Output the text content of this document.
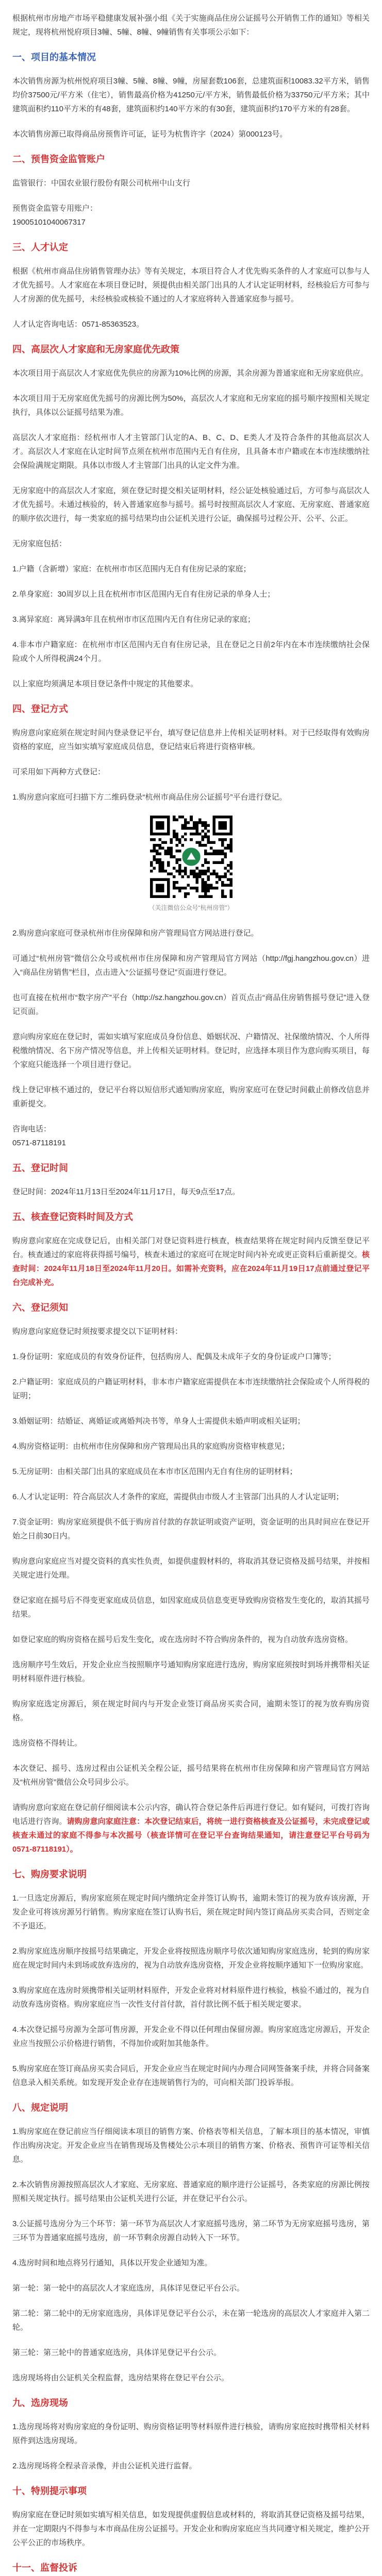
根据杭州市房地产市场平稳健康发展补强小组《关于实施商品住房公证摇号公开销售工作的通知》等相关规定，现将杭州悦府项目3幢、5幢、8幢、9幢销售有关事项公示如下：

一、项目的基本情况

本次销售房源为杭州悦府项目3幢、5幢、8幢、9幢，房屋套数106套，总建筑面积10083.32平方米，销售均价37500元/平方米（住宅），销售最高价格为41250元/平方米，销售最低价格为33750元/平方米；其中建筑面积约110平方米的有48套，建筑面积约140平方米的有30套，建筑面积约170平方米的有28套。

本次销售房源已取得商品房预售许可证，证号为杭售许字（2024）第000123号。

二、预售资金监管账户

监管银行：中国农业银行股份有限公司杭州中山支行

预售资金监管专用账户：
19005101040067317

三、人才认定

根据《杭州市商品住房销售管理办法》等有关规定，本项目符合人才优先购买条件的人才家庭可以参与人才优先摇号。人才家庭在本项目登记时，须提供由相关部门出具的人才认定证明材料，经核验后方可参与人才房源的优先摇号，未经核验或核验不通过的人才家庭将转入普通家庭参与摇号。

人才认定咨询电话：0571-85363523。

四、高层次人才家庭和无房家庭优先政策

本次项目用于高层次人才家庭优先供应的房源为10%比例的房源，其余房源为普通家庭和无房家庭供应。

本次项目用于无房家庭优先摇号的房源比例为50%，高层次人才家庭和无房家庭的摇号顺序按照相关规定执行，具体以公证摇号结果为准。

高层次人才家庭指：经杭州市人才主管部门认定的A、B、C、D、E类人才及符合条件的其他高层次人才。高层次人才家庭在认定时间节点须在杭州市范围内无自有住房，且具备本市户籍或在本市连续缴纳社会保险满规定期限。具体以市级人才主管部门出具的认定文件为准。

无房家庭中的高层次人才家庭，须在登记时提交相关证明材料，经公证处核验通过后，方可参与高层次人才优先摇号。未通过核验的，转入普通家庭参与摇号。摇号时按照高层次人才家庭、无房家庭、普通家庭的顺序依次进行，每一类家庭的摇号结果均由公证机关进行公证，确保摇号过程公开、公平、公正。

无房家庭包括：

1.户籍（含新增）家庭：在杭州市市区范围内无自有住房记录的家庭；

2.单身家庭：30周岁以上且在杭州市市区范围内无自有住房记录的单身人士；

3.离异家庭：离异满3年且在杭州市市区范围内无自有住房记录的家庭；

4.非本市户籍家庭：在杭州市市区范围内无自有住房记录，且在登记之日前2年内在本市连续缴纳社会保险或个人所得税满24个月。

以上家庭均须满足本项目登记条件中规定的其他要求。

四、登记方式

购房意向家庭须在规定时间内登录登记平台，填写登记信息并上传相关证明材料。对于已经取得有效购房资格的家庭，应当如实填写家庭成员信息，登记结束后将进行资格审核。

可采用如下两种方式登记：

1.购房意向家庭可扫描下方二维码登录“杭州市商品住房公证摇号”平台进行登记。

（关注微信公众号“杭州房管”）

2.购房意向家庭可登录杭州市住房保障和房产管理局官方网站进行登记。

可通过“杭州房管”微信公众号或杭州市住房保障和房产管理局官方网站（http://fgj.hangzhou.gov.cn）进入“商品住房销售”栏目，点击进入“公证摇号登记”页面进行登记。

也可直接在杭州市“数字房产”平台（http://sz.hangzhou.gov.cn）首页点击“商品住房销售摇号登记”进入登记页面。

意向购房家庭在登记时，需如实填写家庭成员身份信息、婚姻状况、户籍情况、社保缴纳情况、个人所得税缴纳情况、名下房产情况等信息，并上传相关证明材料。登记时，应选择本项目作为意向购买项目，每个家庭只能选择一个项目进行登记。

线上登记审核不通过的，登记平台将以短信形式通知购房家庭，购房家庭可在登记时间截止前修改信息并重新提交。

咨询电话：
0571-87118191

五、登记时间

登记时间：2024年11月13日至2024年11月17日，每天9点至17点。

五、核查登记资料时间及方式

购房意向家庭在完成登记后，由相关部门对登记资料进行核查，核查结果将在规定时间内反馈至登记平台。核查通过的家庭将获得摇号编号，核查未通过的家庭可在规定时间内补充或更正资料后重新提交。核查时间：2024年11月18日至2024年11月20日。如需补充资料，应在2024年11月19日17点前通过登记平台完成补充。

六、登记须知

购房意向家庭登记时须按要求提交以下证明材料：

1.身份证明：家庭成员的有效身份证件，包括购房人、配偶及未成年子女的身份证或户口簿等；

2.户籍证明：家庭成员的户籍证明材料，非本市户籍家庭需提供在本市连续缴纳社会保险或个人所得税的证明；

3.婚姻证明：结婚证、离婚证或离婚判决书等，单身人士需提供未婚声明或相关证明；

4.购房资格证明：由杭州市住房保障和房产管理局出具的家庭购房资格审核意见；

5.无房证明：由相关部门出具的家庭成员在本市市区范围内无自有住房的证明材料；

6.人才认定证明：符合高层次人才条件的家庭，需提供由市级人才主管部门出具的人才认定证明；

7.资金证明：购房家庭须提供不低于购房首付款的存款证明或资产证明，资金证明的出具时间应在登记开始之日前30日内。

购房意向家庭应当对提交资料的真实性负责，如提供虚假材料的，将取消其登记资格及摇号结果，并按相关规定进行处理。

登记家庭在摇号后不得变更家庭成员信息，如因家庭成员信息变更导致购房资格发生变化的，取消其摇号结果。

如登记家庭的购房资格在摇号后发生变化，或在选房时不符合购房条件的，视为自动放弃选房资格。

选房顺序号生效后，开发企业应当按照顺序号通知购房家庭进行选房，购房家庭须按时到场并携带相关证明材料原件进行核验。

购房家庭选定房源后，须在规定时间内与开发企业签订商品房买卖合同，逾期未签订的视为放弃购房资格。

选房资格不得转让。

本次登记、摇号、选房过程由公证机关全程公证，摇号结果将在杭州市住房保障和房产管理局官方网站及“杭州房管”微信公众号同步公示。

请购房意向家庭在登记前仔细阅读本公示内容，确认符合登记条件后再进行登记。如有疑问，可拨打咨询电话进行咨询。请购房意向家庭注意：本次登记结束后，将统一进行资格核查及公证摇号，未完成登记或核查未通过的家庭不得参与本次摇号（核查详情可在登记平台查询结果通知，请注意登记平台号码为0571-87118191）。

七、购房要求说明

1.一旦选定房源后，购房家庭须在规定时间内缴纳定金并签订认购书，逾期未签订的视为放弃该房源，开发企业可将该房源另行销售。购房家庭在签订认购书后，须在规定时间内签订商品房买卖合同，否则定金不予退还。

2.购房家庭选房顺序按摇号结果确定，开发企业将按照选房顺序号依次通知购房家庭选房，轮到的购房家庭在规定时间内未到场或放弃选房的，视为自动放弃选房资格，开发企业将按顺序通知下一位购房家庭。

3.购房家庭在选房时须携带相关证明材料原件，开发企业将对材料原件进行核验，核验不通过的，视为自动放弃选房资格。购房家庭应当一次性支付首付款，首付款比例不低于相关规定要求。

4.本次登记摇号房源为全部可售房源，开发企业不得以任何理由保留房源。购房家庭选定房源后，开发企业应当按照公示价格进行销售，不得加价或附加其他条件。

5.购房家庭在签订商品房买卖合同后，开发企业应当在规定时间内办理合同网签备案手续，并将合同备案信息录入相关系统。如发现开发企业存在违规销售行为的，可向相关部门投诉举报。

八、规定说明

1.购房家庭在登记前应当仔细阅读本项目的销售方案、价格表等相关信息，了解本项目的基本情况，审慎作出购房决定。开发企业应当在销售现场及售楼处公示本项目的销售方案、价格表、预售许可证等相关信息。

2.本次销售房源按照高层次人才家庭、无房家庭、普通家庭的顺序进行公证摇号，各类家庭的房源比例按照相关规定执行。摇号结果由公证机关进行公证，并在登记平台公示。

3.公证摇号选房分为三个环节：第一环节为高层次人才家庭摇号选房，第二环节为无房家庭摇号选房，第三环节为普通家庭摇号选房，前一环节剩余房源自动转入下一环节。

4.选房时间和地点将另行通知，具体以开发企业通知为准。

第一轮：第一轮中的高层次人才家庭选房，具体详见登记平台公示。

第二轮：第二轮中的无房家庭选房，具体详见登记平台公示，未在第一轮选房的高层次人才家庭并入第二轮。

第三轮：第三轮中的普通家庭选房，具体详见登记平台公示。

选房现场将由公证机关全程监督，选房结果将在登记平台公示。

九、选房现场

1.选房现场将对购房家庭的身份证明、购房资格证明等材料原件进行核验，请购房家庭按时携带相关材料原件到达选房现场。

2.选房现场将全程录音录像，并由公证机关进行监督。

十、特别提示事项

购房家庭在登记时须如实填写相关信息，如发现提供虚假信息或材料的，将取消其登记资格及摇号结果，并在一定期限内不得参与本市商品住房公证摇号。开发企业和购房家庭应当共同遵守相关规定，维护公开公平公正的市场秩序。

十一、监督投诉
